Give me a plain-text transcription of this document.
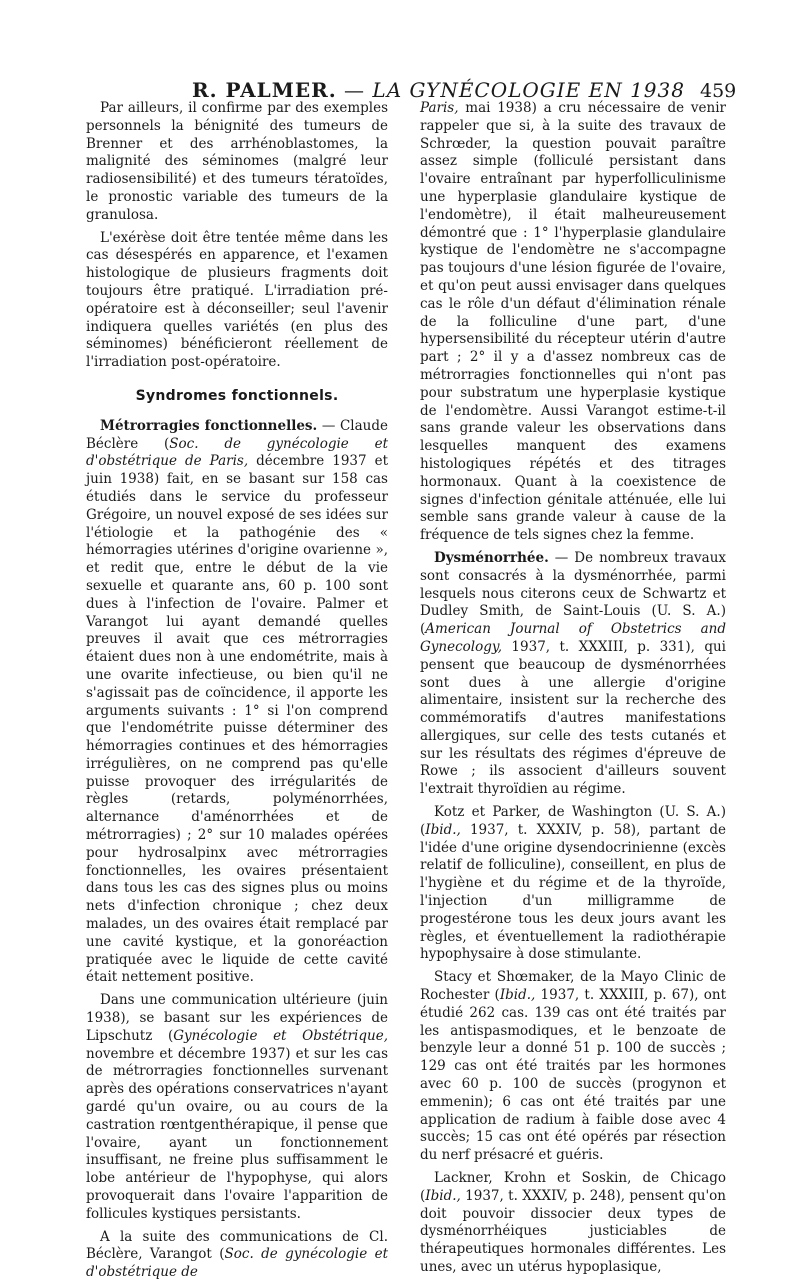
R. PALMER. — LA GYNÉCOLOGIE EN 1938 459

Par ailleurs, il confirme par des exemples personnels la bénignité des tumeurs de Brenner et des arrhénoblastomes, la malignité des séminomes (malgré leur radiosensibilité) et des tumeurs tératoïdes, le pronostic variable des tumeurs de la granulosa.

L'exérèse doit être tentée même dans les cas désespérés en apparence, et l'examen histologique de plusieurs fragments doit toujours être pratiqué. L'irradiation pré-opératoire est à déconseiller; seul l'avenir indiquera quelles variétés (en plus des séminomes) bénéficieront réellement de l'irradiation post-opératoire.

Syndromes fonctionnels.

Métrorragies fonctionnelles. — Claude Béclère (Soc. de gynécologie et d'obstétrique de Paris, décembre 1937 et juin 1938) fait, en se basant sur 158 cas étudiés dans le service du professeur Grégoire, un nouvel exposé de ses idées sur l'étiologie et la pathogénie des « hémorragies utérines d'origine ovarienne », et redit que, entre le début de la vie sexuelle et quarante ans, 60 p. 100 sont dues à l'infection de l'ovaire. Palmer et Varangot lui ayant demandé quelles preuves il avait que ces métrorragies étaient dues non à une endométrite, mais à une ovarite infectieuse, ou bien qu'il ne s'agissait pas de coïncidence, il apporte les arguments suivants : 1° si l'on comprend que l'endométrite puisse déterminer des hémorragies continues et des hémorragies irrégulières, on ne comprend pas qu'elle puisse provoquer des irrégularités de règles (retards, polyménorrhées, alternance d'aménorrhées et de métrorragies) ; 2° sur 10 malades opérées pour hydrosalpinx avec métrorragies fonctionnelles, les ovaires présentaient dans tous les cas des signes plus ou moins nets d'infection chronique ; chez deux malades, un des ovaires était remplacé par une cavité kystique, et la gonoréaction pratiquée avec le liquide de cette cavité était nettement positive.

Dans une communication ultérieure (juin 1938), se basant sur les expériences de Lipschutz (Gynécologie et Obstétrique, novembre et décembre 1937) et sur les cas de métrorragies fonctionnelles survenant après des opérations conservatrices n'ayant gardé qu'un ovaire, ou au cours de la castration rœntgenthérapique, il pense que l'ovaire, ayant un fonctionnement insuffisant, ne freine plus suffisamment le lobe antérieur de l'hypophyse, qui alors provoquerait dans l'ovaire l'apparition de follicules kystiques persistants.

A la suite des communications de Cl. Béclère, Varangot (Soc. de gynécologie et d'obstétrique de

Paris, mai 1938) a cru nécessaire de venir rappeler que si, à la suite des travaux de Schrœder, la question pouvait paraître assez simple (folliculé persistant dans l'ovaire entraînant par hyperfolliculinisme une hyperplasie glandulaire kystique de l'endomètre), il était malheureusement démontré que : 1° l'hyperplasie glandulaire kystique de l'endomètre ne s'accompagne pas toujours d'une lésion figurée de l'ovaire, et qu'on peut aussi envisager dans quelques cas le rôle d'un défaut d'élimination rénale de la folliculine d'une part, d'une hypersensibilité du récepteur utérin d'autre part ; 2° il y a d'assez nombreux cas de métrorragies fonctionnelles qui n'ont pas pour substratum une hyperplasie kystique de l'endomètre. Aussi Varangot estime-t-il sans grande valeur les observations dans lesquelles manquent des examens histologiques répétés et des titrages hormonaux. Quant à la coexistence de signes d'infection génitale atténuée, elle lui semble sans grande valeur à cause de la fréquence de tels signes chez la femme.

Dysménorrhée. — De nombreux travaux sont consacrés à la dysménorrhée, parmi lesquels nous citerons ceux de Schwartz et Dudley Smith, de Saint-Louis (U. S. A.) (American Journal of Obstetrics and Gynecology, 1937, t. XXXIII, p. 331), qui pensent que beaucoup de dysménorrhées sont dues à une allergie d'origine alimentaire, insistent sur la recherche des commémoratifs d'autres manifestations allergiques, sur celle des tests cutanés et sur les résultats des régimes d'épreuve de Rowe ; ils associent d'ailleurs souvent l'extrait thyroïdien au régime.

Kotz et Parker, de Washington (U. S. A.) (Ibid., 1937, t. XXXIV, p. 58), partant de l'idée d'une origine dysendocrinienne (excès relatif de folliculine), conseillent, en plus de l'hygiène et du régime et de la thyroïde, l'injection d'un milligramme de progestérone tous les deux jours avant les règles, et éventuellement la radiothérapie hypophysaire à dose stimulante.

Stacy et Shœmaker, de la Mayo Clinic de Rochester (Ibid., 1937, t. XXXIII, p. 67), ont étudié 262 cas. 139 cas ont été traités par les antispasmodiques, et le benzoate de benzyle leur a donné 51 p. 100 de succès ; 129 cas ont été traités par les hormones avec 60 p. 100 de succès (progynon et emmenin); 6 cas ont été traités par une application de radium à faible dose avec 4 succès; 15 cas ont été opérés par résection du nerf présacré et guéris.

Lackner, Krohn et Soskin, de Chicago (Ibid., 1937, t. XXXIV, p. 248), pensent qu'on doit pouvoir dissocier deux types de dysménorrhéiques justiciables de thérapeutiques hormonales différentes. Les unes, avec un utérus hypoplasique,
